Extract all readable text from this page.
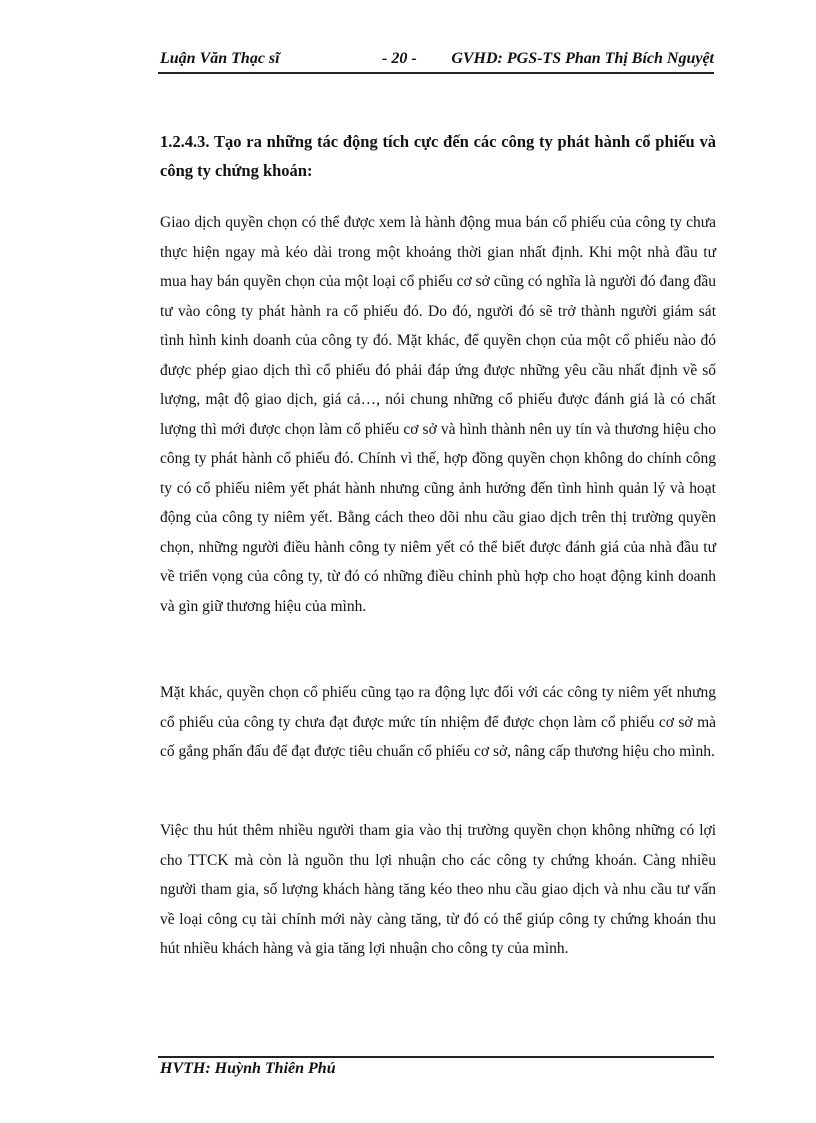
Luận Văn Thạc sĩ	- 20 - GVHD: PGS-TS Phan Thị Bích Nguyệt
1.2.4.3. Tạo ra những tác động tích cực đến các công ty phát hành cổ phiếu và công ty chứng khoán:

Giao dịch quyền chọn có thể được xem là hành động mua bán cổ phiếu của công ty chưa thực hiện ngay mà kéo dài trong một khoảng thời gian nhất định. Khi một nhà đầu tư mua hay bán quyền chọn của một loại cổ phiếu cơ sở cũng có nghĩa là người đó đang đầu tư vào công ty phát hành ra cổ phiếu đó. Do đó, người đó sẽ trở thành người giám sát tình hình kinh doanh của công ty đó. Mặt khác, để quyền chọn của một cổ phiếu nào đó được phép giao dịch thì cổ phiếu đó phải đáp ứng được những yêu cầu nhất định về số lượng, mật độ giao dịch, giá cả…, nói chung những cổ phiếu được đánh giá là có chất lượng thì mới được chọn làm cổ phiếu cơ sở và hình thành nên uy tín và thương hiệu cho công ty phát hành cổ phiếu đó. Chính vì thế, hợp đồng quyền chọn không do chính công ty có cổ phiếu niêm yết phát hành nhưng cũng ảnh hưởng đến tình hình quản lý và hoạt động của công ty niêm yết. Bằng cách theo dõi nhu cầu giao dịch trên thị trường quyền chọn, những người điều hành công ty niêm yết có thể biết được đánh giá của nhà đầu tư về triển vọng của công ty, từ đó có những điều chỉnh phù hợp cho hoạt động kinh doanh và gìn giữ thương hiệu của mình.

Mặt khác, quyền chọn cổ phiếu cũng tạo ra động lực đối với các công ty niêm yết nhưng cổ phiếu của công ty chưa đạt được mức tín nhiệm để được chọn làm cổ phiếu cơ sở mà cố gắng phấn đấu để đạt được tiêu chuẩn cổ phiếu cơ sở, nâng cấp thương hiệu cho mình.

Việc thu hút thêm nhiều người tham gia vào thị trường quyền chọn không những có lợi cho TTCK mà còn là nguồn thu lợi nhuận cho các công ty chứng khoán. Càng nhiều người tham gia, số lượng khách hàng tăng kéo theo nhu cầu giao dịch và nhu cầu tư vấn về loại công cụ tài chính mới này càng tăng, từ đó có thể giúp công ty chứng khoán thu hút nhiều khách hàng và gia tăng lợi nhuận cho công ty của mình.

HVTH: Huỳnh Thiên Phú
